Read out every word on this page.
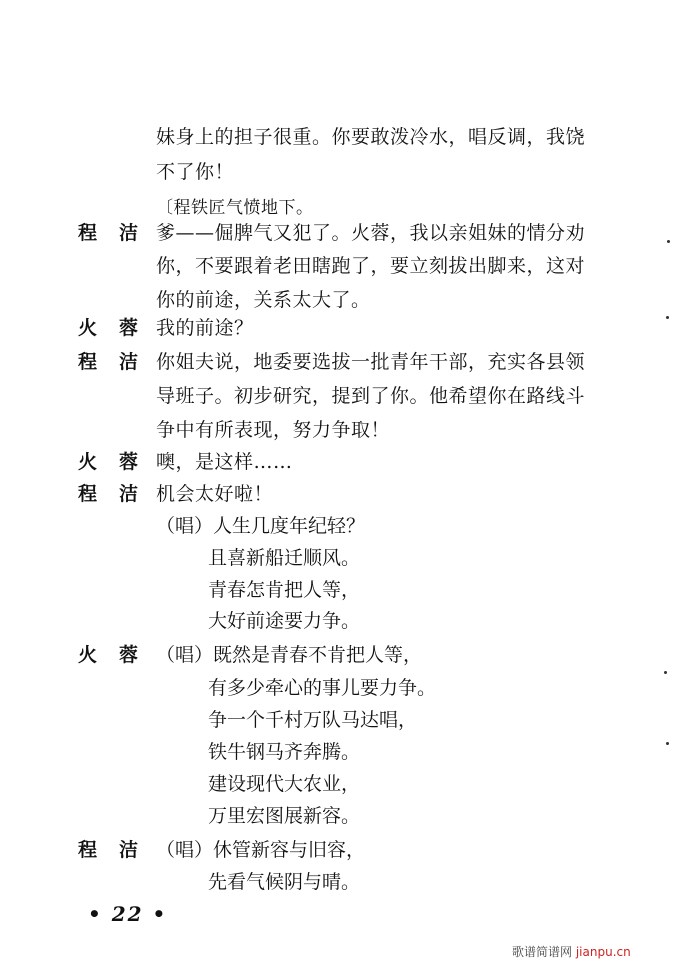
妹身上的担子很重。你要敢泼冷水，唱反调，我饶
不了你！
〔程铁匠气愤地下。
程 洁 爹——倔脾气又犯了。火蓉，我以亲姐妹的情分劝
你，不要跟着老田瞎跑了，要立刻拔出脚来，这对
你的前途，关系太大了。
火 蓉 我的前途？
程 洁 你姐夫说，地委要选拔一批青年干部，充实各县领
导班子。初步研究，提到了你。他希望你在路线斗
争中有所表现，努力争取！
火 蓉 噢，是这样……
程 洁 机会太好啦！
（唱）人生几度年纪轻？
且喜新船迁顺风。
青春怎肯把人等，
大好前途要力争。
火 蓉 （唱）既然是青春不肯把人等，
有多少牵心的事儿要力争。
争一个千村万队马达唱，
铁牛钢马齐奔腾。
建设现代大农业，
万里宏图展新容。
程 洁 （唱）休管新容与旧容，
先看气候阴与晴。
• 22 •
歌谱简谱网 jianpu.cn
